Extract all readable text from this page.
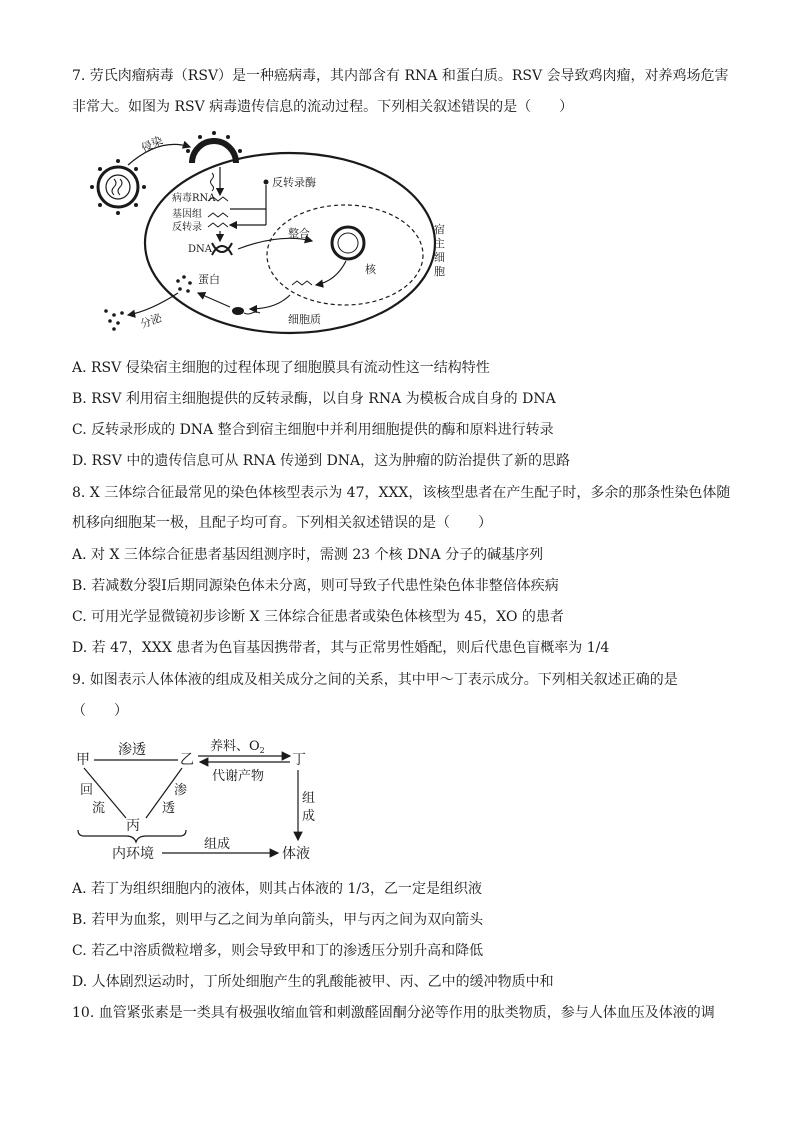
7. 劳氏肉瘤病毒（RSV）是一种癌病毒，其内部含有 RNA 和蛋白质。RSV 会导致鸡肉瘤，对养鸡场危害
非常大。如图为 RSV 病毒遗传信息的流动过程。下列相关叙述错误的是（　　）
侵染
反转录酶
病毒RNA
基因组
反转录
DNA
整合
核
宿
主
细
胞
细胞质
蛋白
分泌
A. RSV 侵染宿主细胞的过程体现了细胞膜具有流动性这一结构特性
B. RSV 利用宿主细胞提供的反转录酶，以自身 RNA 为模板合成自身的 DNA
C. 反转录形成的 DNA 整合到宿主细胞中并利用细胞提供的酶和原料进行转录
D. RSV 中的遗传信息可从 RNA 传递到 DNA，这为肿瘤的防治提供了新的思路
8. X 三体综合征最常见的染色体核型表示为 47，XXX，该核型患者在产生配子时，多余的那条性染色体随
机移向细胞某一极，且配子均可育。下列相关叙述错误的是（　　）
A. 对 X 三体综合征患者基因组测序时，需测 23 个核 DNA 分子的碱基序列
B. 若减数分裂Ⅰ后期同源染色体未分离，则可导致子代患性染色体非整倍体疾病
C. 可用光学显微镜初步诊断 X 三体综合征患者或染色体核型为 45，XO 的患者
D. 若 47，XXX 患者为色盲基因携带者，其与正常男性婚配，则后代患色盲概率为 1/4
9. 如图表示人体体液的组成及相关成分之间的关系，其中甲～丁表示成分。下列相关叙述正确的是
（　　）
甲
渗透
乙
养料、$O_2$
代谢产物
丁
回
流
渗
透
丙
内环境
组成
体液
组
成
A. 若丁为组织细胞内的液体，则其占体液的 1/3，乙一定是组织液
B. 若甲为血浆，则甲与乙之间为单向箭头，甲与丙之间为双向箭头
C. 若乙中溶质微粒增多，则会导致甲和丁的渗透压分别升高和降低
D. 人体剧烈运动时，丁所处细胞产生的乳酸能被甲、丙、乙中的缓冲物质中和
10. 血管紧张素是一类具有极强收缩血管和刺激醛固酮分泌等作用的肽类物质，参与人体血压及体液的调
